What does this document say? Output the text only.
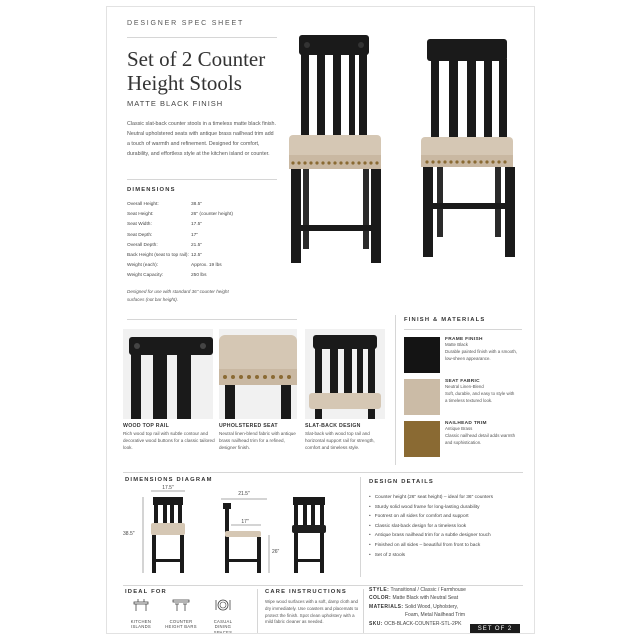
DESIGNER SPEC SHEET
Set of 2 Counter Height Stools
MATTE BLACK FINISH
Classic slat-back counter stools in a timeless matte black finish. Neutral upholstered seats with antique brass nailhead trim add a touch of warmth and refinement. Designed for comfort, durability, and effortless style at the kitchen island or counter.
DIMENSIONS
Overall Height:	38.5"
Seat Height:	26" (counter height)
Seat Width:	17.5"
Seat Depth:	17"
Overall Depth:	21.5"
Back Height (seat to top rail): 12.5"
Weight (each):	Approx. 19 lbs
Weight Capacity:	250 lbs
Designed for use with standard 36" counter height surfaces (not bar height).
WOOD TOP RAIL
Rich wood top rail with subtle contour and decorative wood buttons for a classic tailored look.
UPHOLSTERED SEAT
Neutral linen-blend fabric with antique brass nailhead trim for a refined, designer finish.
SLAT-BACK DESIGN
Slat-back with wood top rail and horizontal support rail for strength, comfort and timeless style.
FINISH & MATERIALS
FRAME FINISH
Matte Black
Durable painted finish with a smooth, low-sheen appearance.
SEAT FABRIC
Neutral Linen-Blend
Soft, durable, and easy to style with a timeless textured look.
NAILHEAD TRIM
Antique Brass
Classic nailhead detail adds warmth and sophistication.
DIMENSIONS DIAGRAM
17.5"
38.5"
21.5"
17"
26"
DESIGN DETAILS
• Counter height (26" seat height) – ideal for 36" counters
• Sturdy solid wood frame for long-lasting durability
• Footrest on all sides for comfort and support
• Classic slat-back design for a timeless look
• Antique brass nailhead trim for a subtle designer touch
• Finished on all sides – beautiful from front to back
• Set of 2 stools
IDEAL FOR
KITCHEN ISLANDS
COUNTER HEIGHT BARS
CASUAL DINING SPACES
CARE INSTRUCTIONS
Wipe wood surfaces with a soft, damp cloth and dry immediately. Use coasters and placemats to protect the finish. Spot clean upholstery with a mild fabric cleaner as needed.
STYLE: Transitional / Classic / Farmhouse
COLOR: Matte Black with Neutral Seat
MATERIALS: Solid Wood, Upholstery,
Foam, Metal Nailhead Trim
SKU: OCB-BLACK-COUNTER-STL-2PK
SET OF 2
